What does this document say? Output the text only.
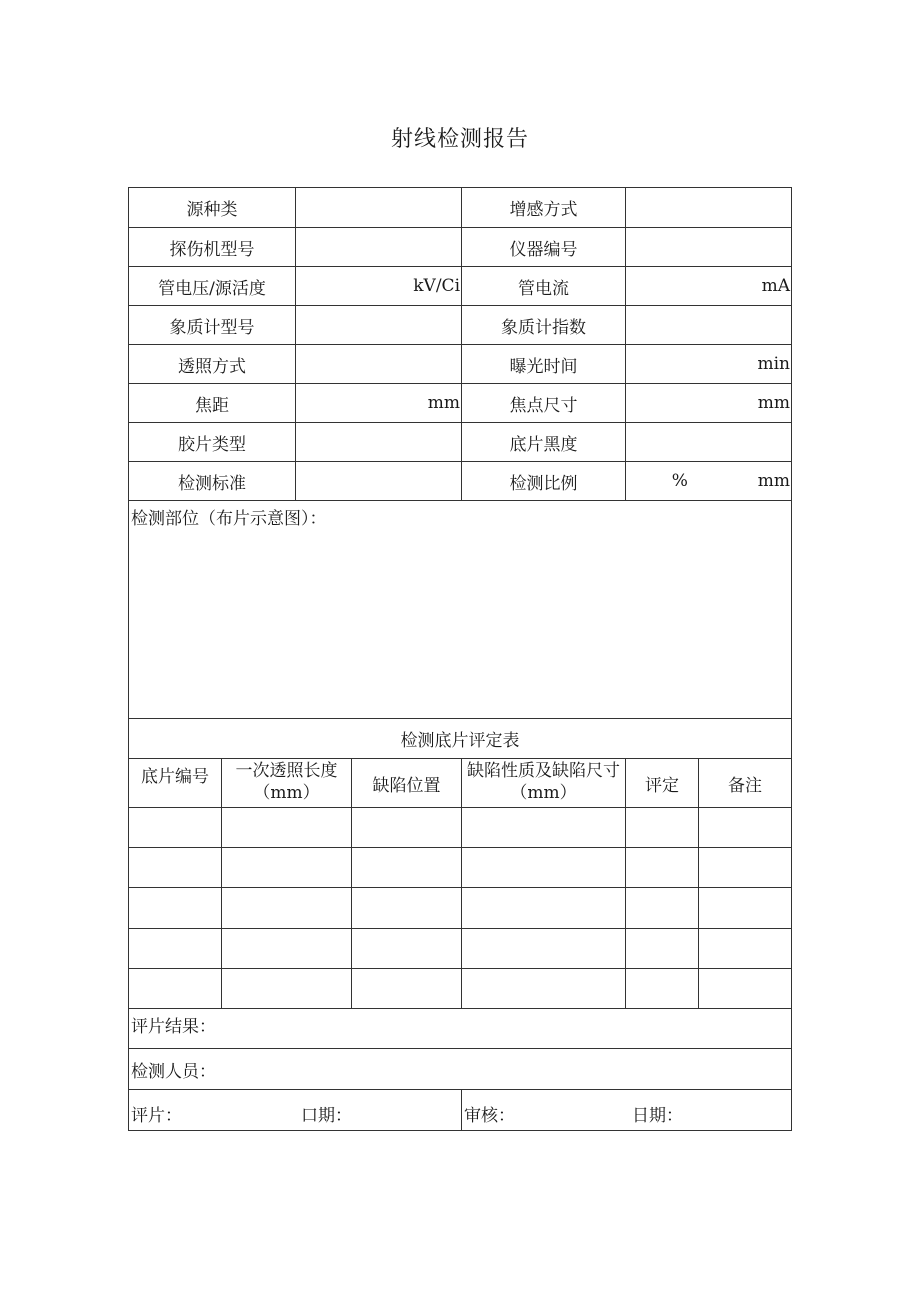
射线检测报告
源种类				增感方式		
探伤机型号				仪器编号		
管电压/源活度		kV/Ci		管电流	mA	
象质计型号				象质计指数		
透照方式				曝光时间	min	
焦距		mm		焦点尺寸	mm	
胶片类型				底片黑度		
检测标准				检测比例	% mm	
检测部位（布片示意图）：						
检测底片评定表						
底片编号	一次透照长度（mm）		缺陷位置	缺陷性质及缺陷尺寸（mm）	评定	备注

评片结果：						
检测人员：						

评片： 口期：				审核： 日期：		
